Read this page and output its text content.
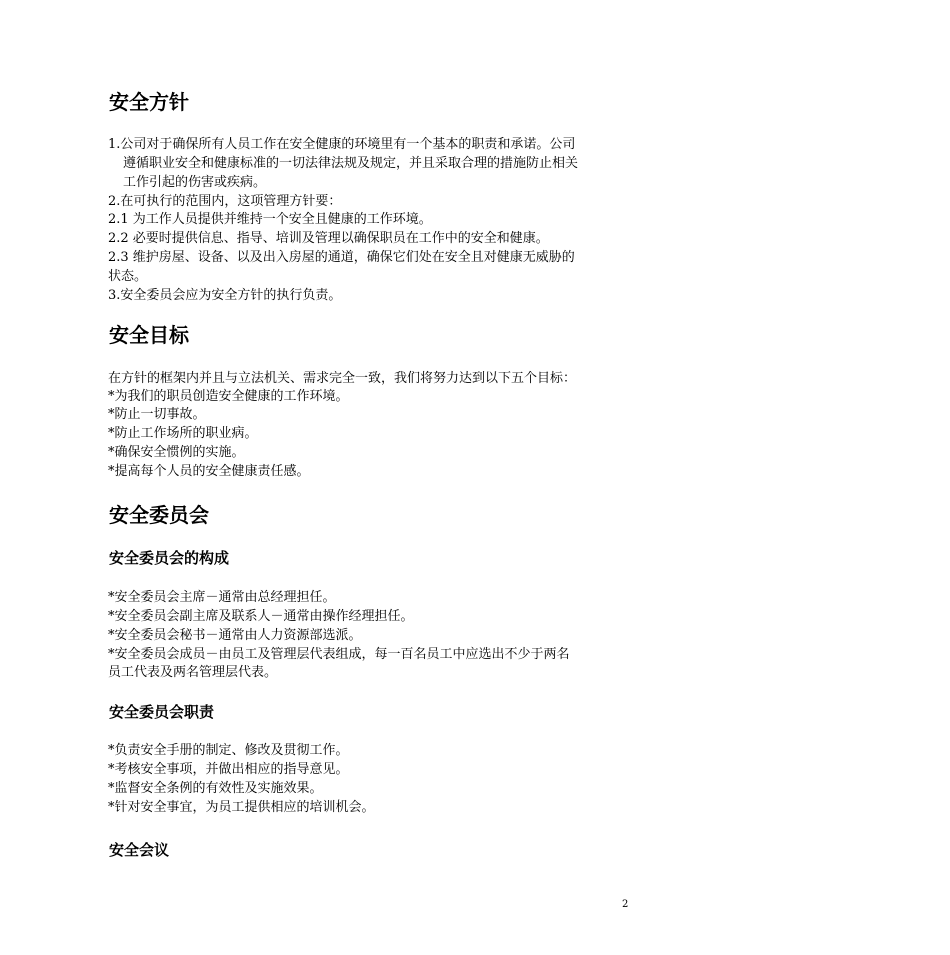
安全方针
1.公司对于确保所有人员工作在安全健康的环境里有一个基本的职责和承诺。公司
遵循职业安全和健康标准的一切法律法规及规定，并且采取合理的措施防止相关
工作引起的伤害或疾病。
2.在可执行的范围内，这项管理方针要：
2.1 为工作人员提供并维持一个安全且健康的工作环境。
2.2 必要时提供信息、指导、培训及管理以确保职员在工作中的安全和健康。
2.3 维护房屋、设备、以及出入房屋的通道，确保它们处在安全且对健康无威胁的
状态。
3.安全委员会应为安全方针的执行负责。
安全目标
在方针的框架内并且与立法机关、需求完全一致，我们将努力达到以下五个目标：
*为我们的职员创造安全健康的工作环境。
*防止一切事故。
*防止工作场所的职业病。
*确保安全惯例的实施。
*提高每个人员的安全健康责任感。
安全委员会
安全委员会的构成
*安全委员会主席－通常由总经理担任。
*安全委员会副主席及联系人－通常由操作经理担任。
*安全委员会秘书－通常由人力资源部选派。
*安全委员会成员－由员工及管理层代表组成，每一百名员工中应选出不少于两名
员工代表及两名管理层代表。
安全委员会职责
*负责安全手册的制定、修改及贯彻工作。
*考核安全事项，并做出相应的指导意见。
*监督安全条例的有效性及实施效果。
*针对安全事宜，为员工提供相应的培训机会。
安全会议
2
